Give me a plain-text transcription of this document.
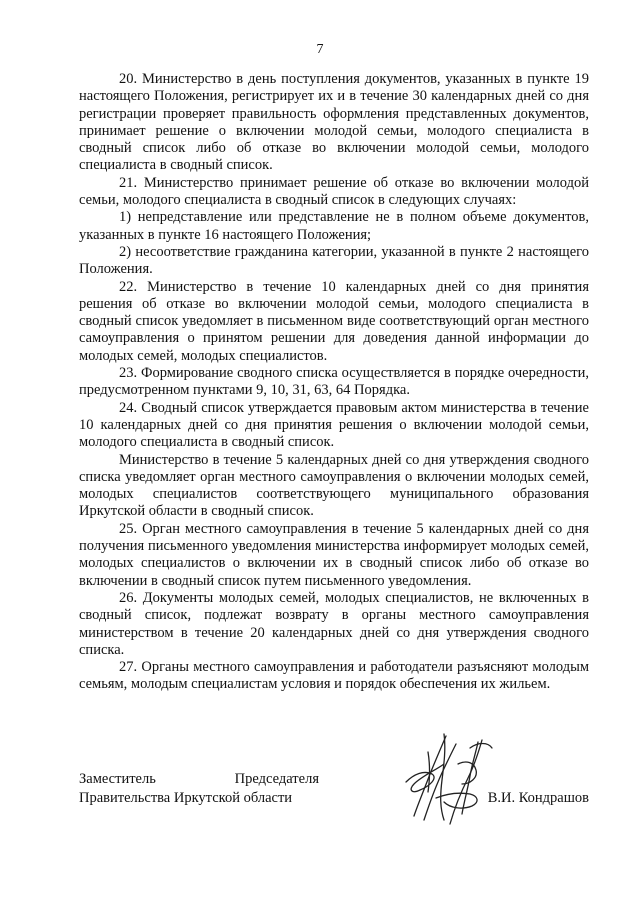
7

20. Министерство в день поступления документов, указанных в пункте 19 настоящего Положения, регистрирует их и в течение 30 календарных дней со дня регистрации проверяет правильность оформления представленных документов, принимает решение о включении молодой семьи, молодого специалиста в сводный список либо об отказе во включении молодой семьи, молодого специалиста в сводный список.

21. Министерство принимает решение об отказе во включении молодой семьи, молодого специалиста в сводный список в следующих случаях:

1) непредставление или представление не в полном объеме документов, указанных в пункте 16 настоящего Положения;

2) несоответствие гражданина категории, указанной в пункте 2 настоящего Положения.

22. Министерство в течение 10 календарных дней со дня принятия решения об отказе во включении молодой семьи, молодого специалиста в сводный список уведомляет в письменном виде соответствующий орган местного самоуправления о принятом решении для доведения данной информации до молодых семей, молодых специалистов.

23. Формирование сводного списка осуществляется в порядке очередности, предусмотренном пунктами 9, 10, 31, 63, 64 Порядка.

24. Сводный список утверждается правовым актом министерства в течение 10 календарных дней со дня принятия решения о включении молодой семьи, молодого специалиста в сводный список.

Министерство в течение 5 календарных дней со дня утверждения сводного списка уведомляет орган местного самоуправления о включении молодых семей, молодых специалистов соответствующего муниципального образования Иркутской области в сводный список.

25. Орган местного самоуправления в течение 5 календарных дней со дня получения письменного уведомления министерства информирует молодых семей, молодых специалистов о включении их в сводный список либо об отказе во включении в сводный список путем письменного уведомления.

26. Документы молодых семей, молодых специалистов, не включенных в сводный список, подлежат возврату в органы местного самоуправления министерством в течение 20 календарных дней со дня утверждения сводного списка.

27. Органы местного самоуправления и работодатели разъясняют молодым семьям, молодым специалистам условия и порядок обеспечения их жильем.

Заместитель	Председателя
Правительства Иркутской области	В.И. Кондрашов
